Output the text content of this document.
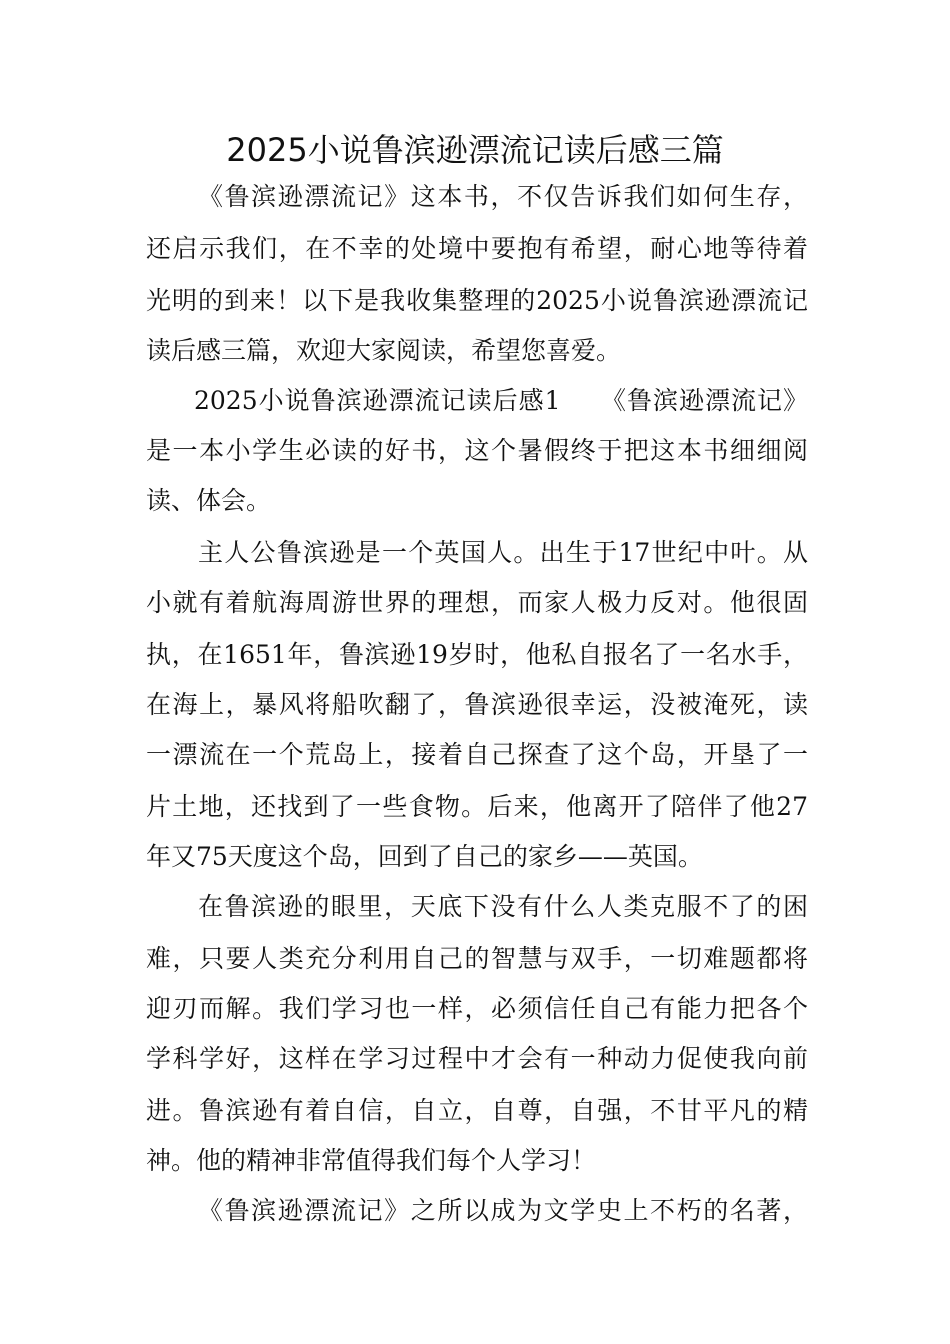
2025小说鲁滨逊漂流记读后感三篇
《鲁滨逊漂流记》这本书，不仅告诉我们如何生存，
还启示我们，在不幸的处境中要抱有希望，耐心地等待着
光明的到来！以下是我收集整理的2025小说鲁滨逊漂流记
读后感三篇，欢迎大家阅读，希望您喜爱。
2025小说鲁滨逊漂流记读后感1　　《鲁滨逊漂流记》
是一本小学生必读的好书，这个暑假终于把这本书细细阅
读、体会。
主人公鲁滨逊是一个英国人。出生于17世纪中叶。从
小就有着航海周游世界的理想，而家人极力反对。他很固
执，在1651年，鲁滨逊19岁时，他私自报名了一名水手，
在海上，暴风将船吹翻了，鲁滨逊很幸运，没被淹死，读
一漂流在一个荒岛上，接着自己探查了这个岛，开垦了一
片土地，还找到了一些食物。后来，他离开了陪伴了他27
年又75天度这个岛，回到了自己的家乡——英国。
在鲁滨逊的眼里，天底下没有什么人类克服不了的困
难，只要人类充分利用自己的智慧与双手，一切难题都将
迎刃而解。我们学习也一样，必须信任自己有能力把各个
学科学好，这样在学习过程中才会有一种动力促使我向前
进。鲁滨逊有着自信，自立，自尊，自强，不甘平凡的精
神。他的精神非常值得我们每个人学习！
《鲁滨逊漂流记》之所以成为文学史上不朽的名著，
